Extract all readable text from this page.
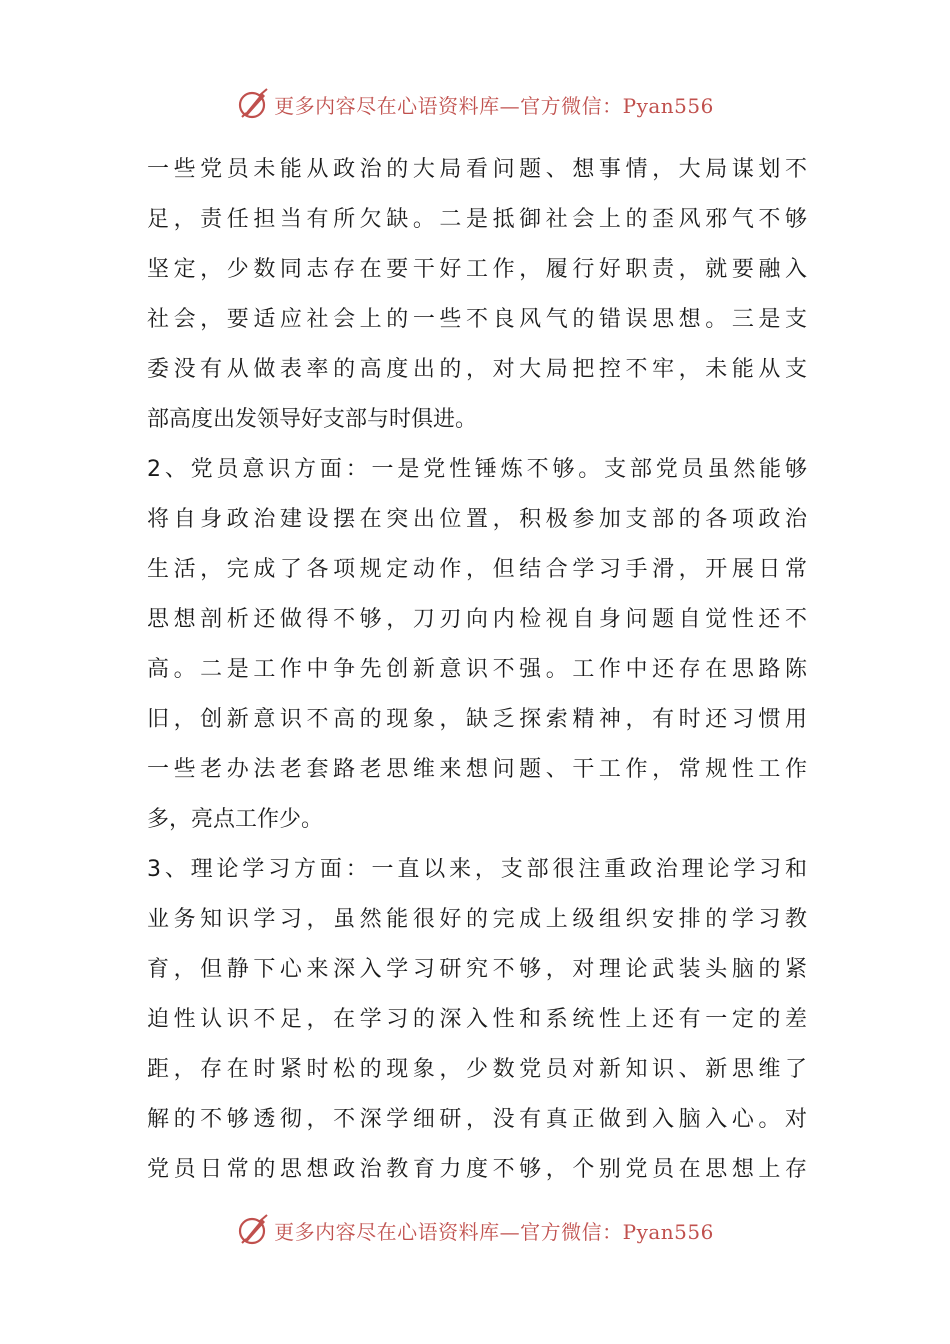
更多内容尽在心语资料库—官方微信：Pyan556
一些党员未能从政治的大局看问题、想事情，大局谋划不
足，责任担当有所欠缺。二是抵御社会上的歪风邪气不够
坚定，少数同志存在要干好工作，履行好职责，就要融入
社会，要适应社会上的一些不良风气的错误思想。三是支
委没有从做表率的高度出的，对大局把控不牢，未能从支
部高度出发领导好支部与时俱进。
2、党员意识方面：一是党性锤炼不够。支部党员虽然能够
将自身政治建设摆在突出位置，积极参加支部的各项政治
生活，完成了各项规定动作，但结合学习手滑，开展日常
思想剖析还做得不够，刀刃向内检视自身问题自觉性还不
高。二是工作中争先创新意识不强。工作中还存在思路陈
旧，创新意识不高的现象，缺乏探索精神，有时还习惯用
一些老办法老套路老思维来想问题、干工作，常规性工作
多，亮点工作少。
3、理论学习方面：一直以来，支部很注重政治理论学习和
业务知识学习，虽然能很好的完成上级组织安排的学习教
育，但静下心来深入学习研究不够，对理论武装头脑的紧
迫性认识不足，在学习的深入性和系统性上还有一定的差
距，存在时紧时松的现象，少数党员对新知识、新思维了
解的不够透彻，不深学细研，没有真正做到入脑入心。对
党员日常的思想政治教育力度不够，个别党员在思想上存
更多内容尽在心语资料库—官方微信：Pyan556
